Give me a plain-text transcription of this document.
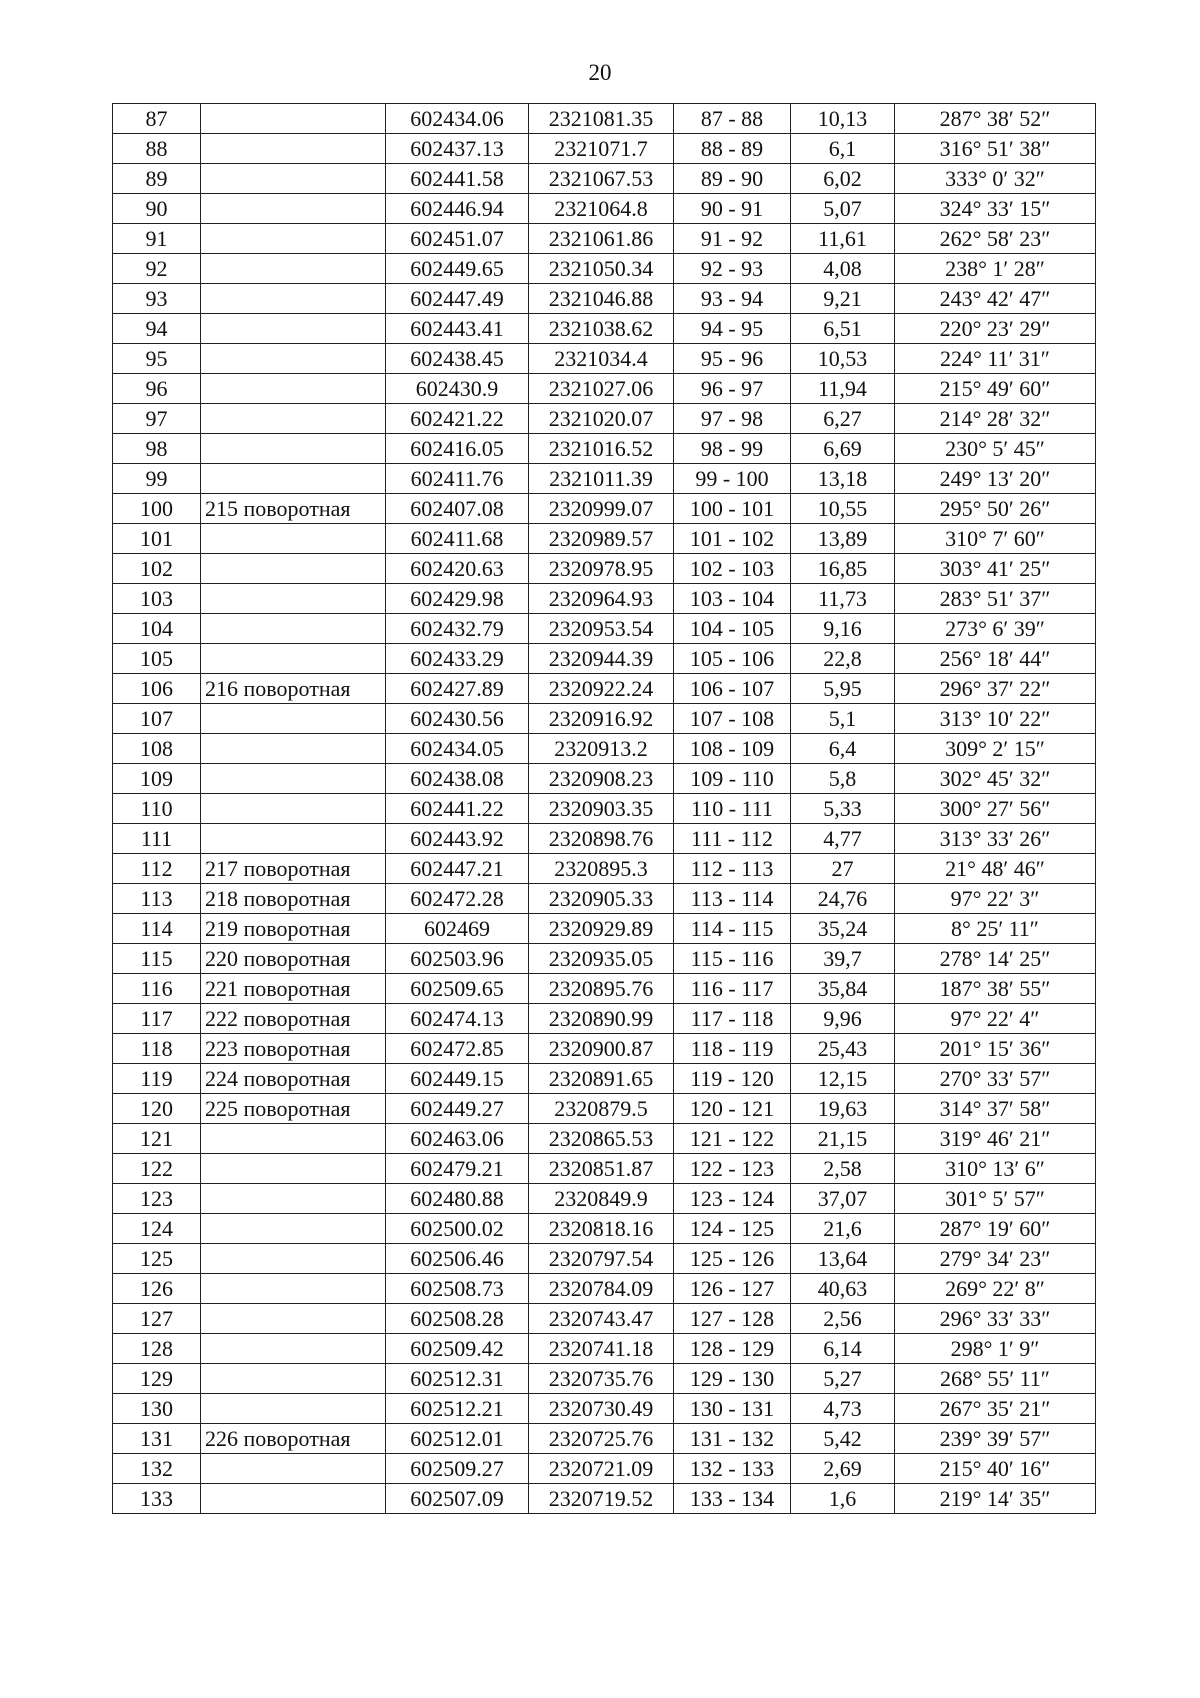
20
87		602434.06	2321081.35	87 - 88	10,13	287° 38′ 52″
88		602437.13	2321071.7	88 - 89	6,1	316° 51′ 38″
89		602441.58	2321067.53	89 - 90	6,02	333° 0′ 32″
90		602446.94	2321064.8	90 - 91	5,07	324° 33′ 15″
91		602451.07	2321061.86	91 - 92	11,61	262° 58′ 23″
92		602449.65	2321050.34	92 - 93	4,08	238° 1′ 28″
93		602447.49	2321046.88	93 - 94	9,21	243° 42′ 47″
94		602443.41	2321038.62	94 - 95	6,51	220° 23′ 29″
95		602438.45	2321034.4	95 - 96	10,53	224° 11′ 31″
96		602430.9	2321027.06	96 - 97	11,94	215° 49′ 60″
97		602421.22	2321020.07	97 - 98	6,27	214° 28′ 32″
98		602416.05	2321016.52	98 - 99	6,69	230° 5′ 45″
99		602411.76	2321011.39	99 - 100	13,18	249° 13′ 20″
100	215 поворотная	602407.08	2320999.07	100 - 101	10,55	295° 50′ 26″
101		602411.68	2320989.57	101 - 102	13,89	310° 7′ 60″
102		602420.63	2320978.95	102 - 103	16,85	303° 41′ 25″
103		602429.98	2320964.93	103 - 104	11,73	283° 51′ 37″
104		602432.79	2320953.54	104 - 105	9,16	273° 6′ 39″
105		602433.29	2320944.39	105 - 106	22,8	256° 18′ 44″
106	216 поворотная	602427.89	2320922.24	106 - 107	5,95	296° 37′ 22″
107		602430.56	2320916.92	107 - 108	5,1	313° 10′ 22″
108		602434.05	2320913.2	108 - 109	6,4	309° 2′ 15″
109		602438.08	2320908.23	109 - 110	5,8	302° 45′ 32″
110		602441.22	2320903.35	110 - 111	5,33	300° 27′ 56″
111		602443.92	2320898.76	111 - 112	4,77	313° 33′ 26″
112	217 поворотная	602447.21	2320895.3	112 - 113	27	21° 48′ 46″
113	218 поворотная	602472.28	2320905.33	113 - 114	24,76	97° 22′ 3″
114	219 поворотная	602469	2320929.89	114 - 115	35,24	8° 25′ 11″
115	220 поворотная	602503.96	2320935.05	115 - 116	39,7	278° 14′ 25″
116	221 поворотная	602509.65	2320895.76	116 - 117	35,84	187° 38′ 55″
117	222 поворотная	602474.13	2320890.99	117 - 118	9,96	97° 22′ 4″
118	223 поворотная	602472.85	2320900.87	118 - 119	25,43	201° 15′ 36″
119	224 поворотная	602449.15	2320891.65	119 - 120	12,15	270° 33′ 57″
120	225 поворотная	602449.27	2320879.5	120 - 121	19,63	314° 37′ 58″
121		602463.06	2320865.53	121 - 122	21,15	319° 46′ 21″
122		602479.21	2320851.87	122 - 123	2,58	310° 13′ 6″
123		602480.88	2320849.9	123 - 124	37,07	301° 5′ 57″
124		602500.02	2320818.16	124 - 125	21,6	287° 19′ 60″
125		602506.46	2320797.54	125 - 126	13,64	279° 34′ 23″
126		602508.73	2320784.09	126 - 127	40,63	269° 22′ 8″
127		602508.28	2320743.47	127 - 128	2,56	296° 33′ 33″
128		602509.42	2320741.18	128 - 129	6,14	298° 1′ 9″
129		602512.31	2320735.76	129 - 130	5,27	268° 55′ 11″
130		602512.21	2320730.49	130 - 131	4,73	267° 35′ 21″
131	226 поворотная	602512.01	2320725.76	131 - 132	5,42	239° 39′ 57″
132		602509.27	2320721.09	132 - 133	2,69	215° 40′ 16″
133		602507.09	2320719.52	133 - 134	1,6	219° 14′ 35″
